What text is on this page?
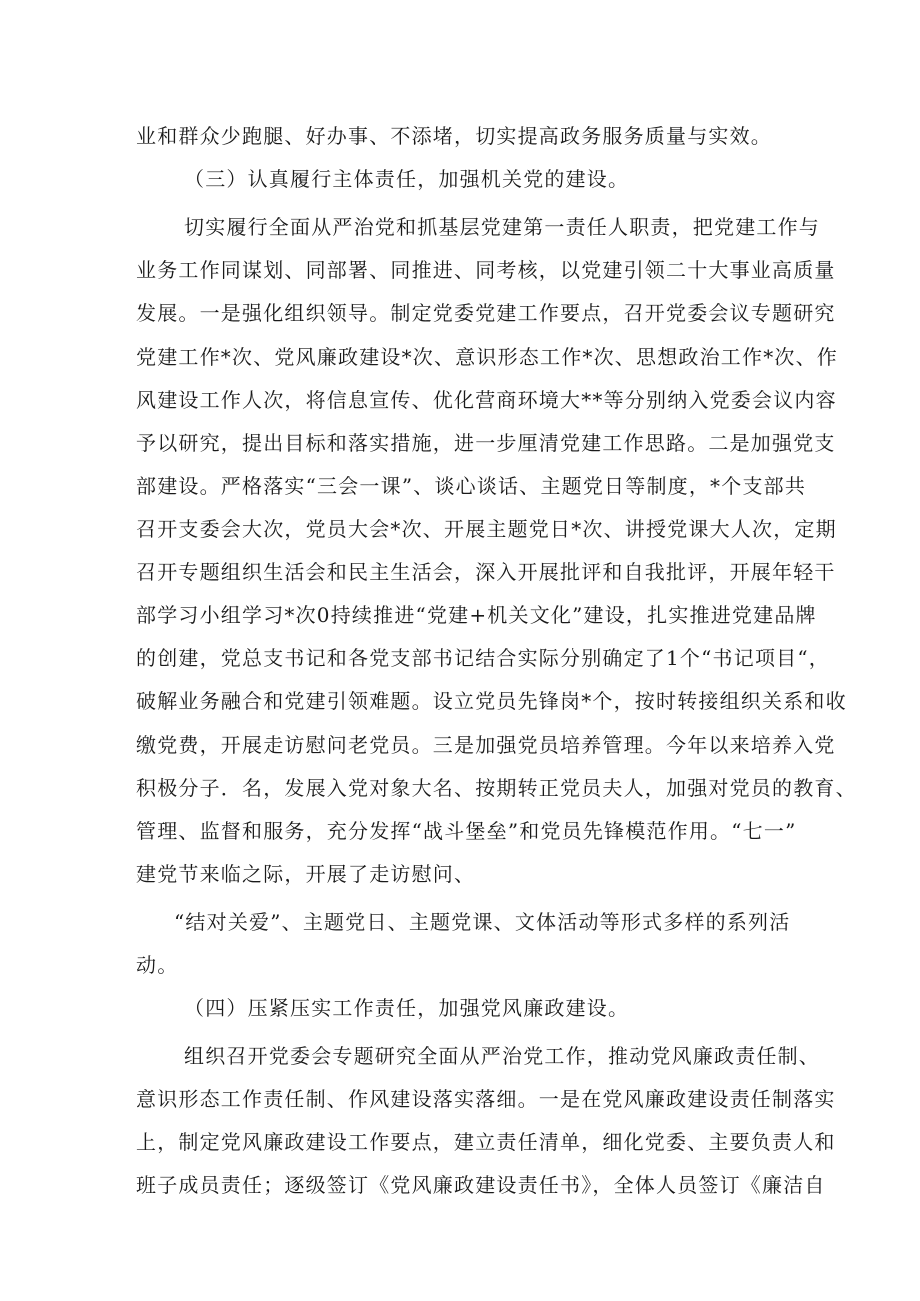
业和群众少跑腿、好办事、不添堵，切实提高政务服务质量与实效。
（三）认真履行主体责任，加强机关党的建设。
切实履行全面从严治党和抓基层党建第一责任人职责，把党建工作与
业务工作同谋划、同部署、同推进、同考核，以党建引领二十大事业高质量
发展。一是强化组织领导。制定党委党建工作要点，召开党委会议专题研究
党建工作*次、党风廉政建设*次、意识形态工作*次、思想政治工作*次、作
风建设工作人次，将信息宣传、优化营商环境大**等分别纳入党委会议内容
予以研究，提出目标和落实措施，进一步厘清党建工作思路。二是加强党支
部建设。严格落实“三会一课”、谈心谈话、主题党日等制度，*个支部共
召开支委会大次，党员大会*次、开展主题党日*次、讲授党课大人次，定期
召开专题组织生活会和民主生活会，深入开展批评和自我批评，开展年轻干
部学习小组学习*次0持续推进“党建+机关文化”建设，扎实推进党建品牌
的创建，党总支书记和各党支部书记结合实际分别确定了1个“书记项目“，
破解业务融合和党建引领难题。设立党员先锋岗*个，按时转接组织关系和收
缴党费，开展走访慰问老党员。三是加强党员培养管理。今年以来培养入党
积极分子．名，发展入党对象大名、按期转正党员夫人，加强对党员的教育、
管理、监督和服务，充分发挥“战斗堡垒”和党员先锋模范作用。“七一”
建党节来临之际，开展了走访慰问、
“结对关爱”、主题党日、主题党课、文体活动等形式多样的系列活
动。
（四）压紧压实工作责任，加强党风廉政建设。
组织召开党委会专题研究全面从严治党工作，推动党风廉政责任制、
意识形态工作责任制、作风建设落实落细。一是在党风廉政建设责任制落实
上，制定党风廉政建设工作要点，建立责任清单，细化党委、主要负责人和
班子成员责任；逐级签订《党风廉政建设责任书》，全体人员签订《廉洁自
